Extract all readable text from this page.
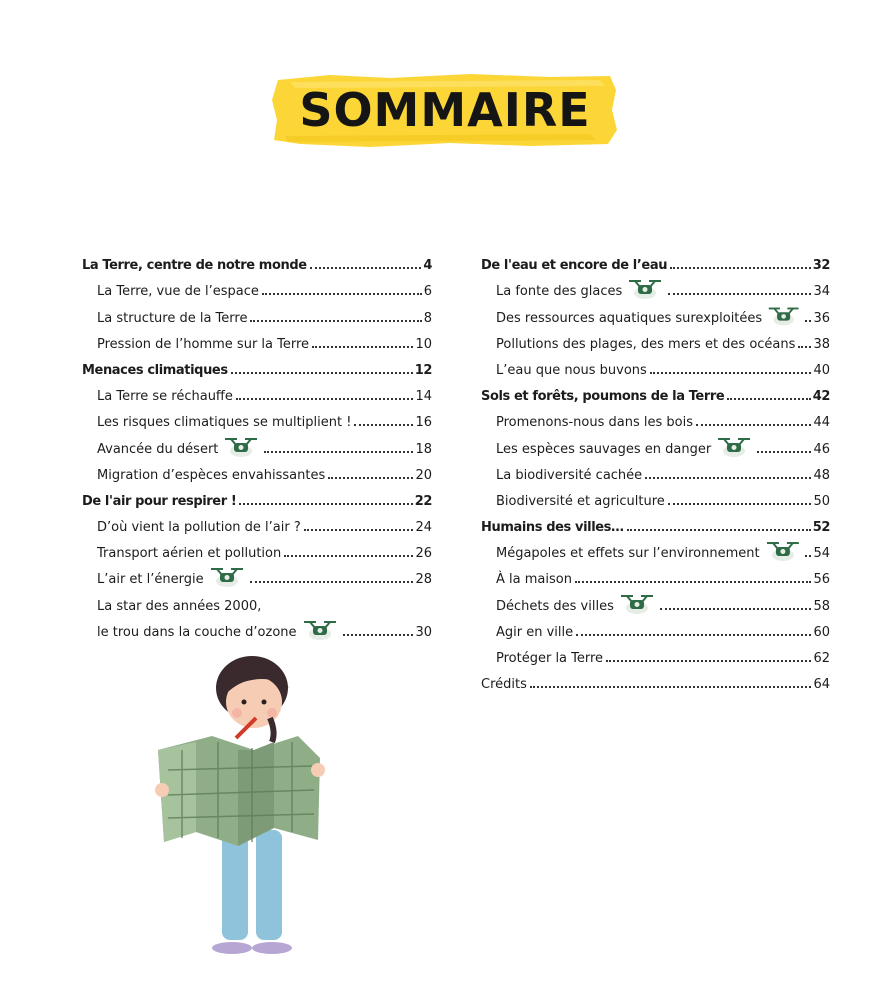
SOMMAIRE
La Terre, centre de notre monde	4
La Terre, vue de l’espace	6
La structure de la Terre	8
Pression de l’homme sur la Terre	10
Menaces climatiques	12
La Terre se réchauffe	14
Les risques climatiques se multiplient !	16
Avancée du désert	18
Migration d’espèces envahissantes	20
De l'air pour respirer !	22
D’où vient la pollution de l’air ?	24
Transport aérien et pollution	26
L’air et l’énergie	28
La star des années 2000,
le trou dans la couche d’ozone	30
De l'eau et encore de l’eau	32
La fonte des glaces	34
Des ressources aquatiques surexploitées	36
Pollutions des plages, des mers et des océans 38
L’eau que nous buvons	40
Sols et forêts, poumons de la Terre	42
Promenons-nous dans les bois	44
Les espèces sauvages en danger	46
La biodiversité cachée	48
Biodiversité et agriculture	50
Humains des villes…	52
Mégapoles et effets sur l’environnement	54
À la maison	56
Déchets des villes	58
Agir en ville	60
Protéger la Terre	62
Crédits	64
